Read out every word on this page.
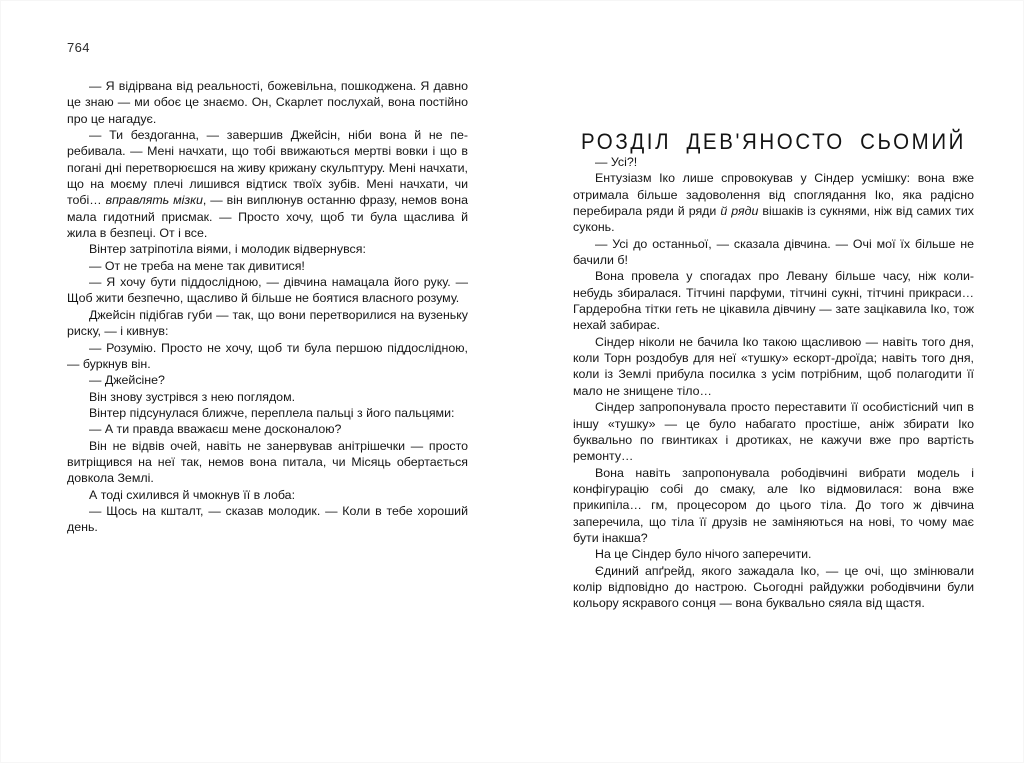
764

— Я відірвана від реальності, божевільна, пошкоджена. Я давно це знаю — ми обоє це знаємо. Он, Скарлет послухай, вона постійно про це нагадує.

— Ти бездоганна, — завершив Джейсін, ніби вона й не перебивала. — Мені начхати, що тобі ввижаються мертві вовки і що в погані дні перетворюєшся на живу крижану скульптуру. Мені начхати, що на моєму плечі лишився відтиск твоїх зубів. Мені начхати, чи тобі… вправлять мізки, — він виплюнув останню фразу, немов вона мала гидотний присмак. — Просто хочу, щоб ти була щаслива й жила в безпеці. От і все.

Вінтер затріпотіла віями, і молодик відвернувся:

— От не треба на мене так дивитися!

— Я хочу бути піддослідною, — дівчина намацала його руку. — Щоб жити безпечно, щасливо й більше не боятися власного розуму.

Джейсін підібгав губи — так, що вони перетворилися на вузеньку риску, — і кивнув:

— Розумію. Просто не хочу, щоб ти була першою піддослідною, — буркнув він.

— Джейсіне?

Він знову зустрівся з нею поглядом.

Вінтер підсунулася ближче, переплела пальці з його пальцями:

— А ти правда вважаєш мене досконалою?

Він не відвів очей, навіть не занервував анітрішечки — просто витріщився на неї так, немов вона питала, чи Місяць обертається довкола Землі.

А тоді схилився й чмокнув її в лоба:

— Щось на кшталт, — сказав молодик. — Коли в тебе хороший день.

РОЗДІЛ ДЕВ'ЯНОСТО СЬОМИЙ

— Усі?!

Ентузіазм Іко лише спровокував у Сіндер усмішку: вона вже отримала більше задоволення від споглядання Іко, яка радісно перебирала ряди й ряди й ряди вішаків із сукнями, ніж від самих тих суконь.

— Усі до останньої, — сказала дівчина. — Очі мої їх більше не бачили б!

Вона провела у спогадах про Левану більше часу, ніж коли-небудь збиралася. Тітчині парфуми, тітчині сукні, тітчині прикраси… Гардеробна тітки геть не цікавила дівчину — зате зацікавила Іко, тож нехай забирає.

Сіндер ніколи не бачила Іко такою щасливою — навіть того дня, коли Торн роздобув для неї «тушку» ескорт-дроїда; навіть того дня, коли із Землі прибула посилка з усім потрібним, щоб полагодити її мало не знищене тіло…

Сіндер запропонувала просто переставити її особистісний чип в іншу «тушку» — це було набагато простіше, аніж збирати Іко буквально по гвинтиках і дротиках, не кажучи вже про вартість ремонту…

Вона навіть запропонувала рободівчині вибрати модель і конфігурацію собі до смаку, але Іко відмовилася: вона вже прикипіла… гм, процесором до цього тіла. До того ж дівчина заперечила, що тіла її друзів не заміняються на нові, то чому має бути інакша?

На це Сіндер було нічого заперечити.

Єдиний апґрейд, якого зажадала Іко, — це очі, що змінювали колір відповідно до настрою. Сьогодні райдужки рободівчини були кольору яскравого сонця — вона буквально сяяла від щастя.
